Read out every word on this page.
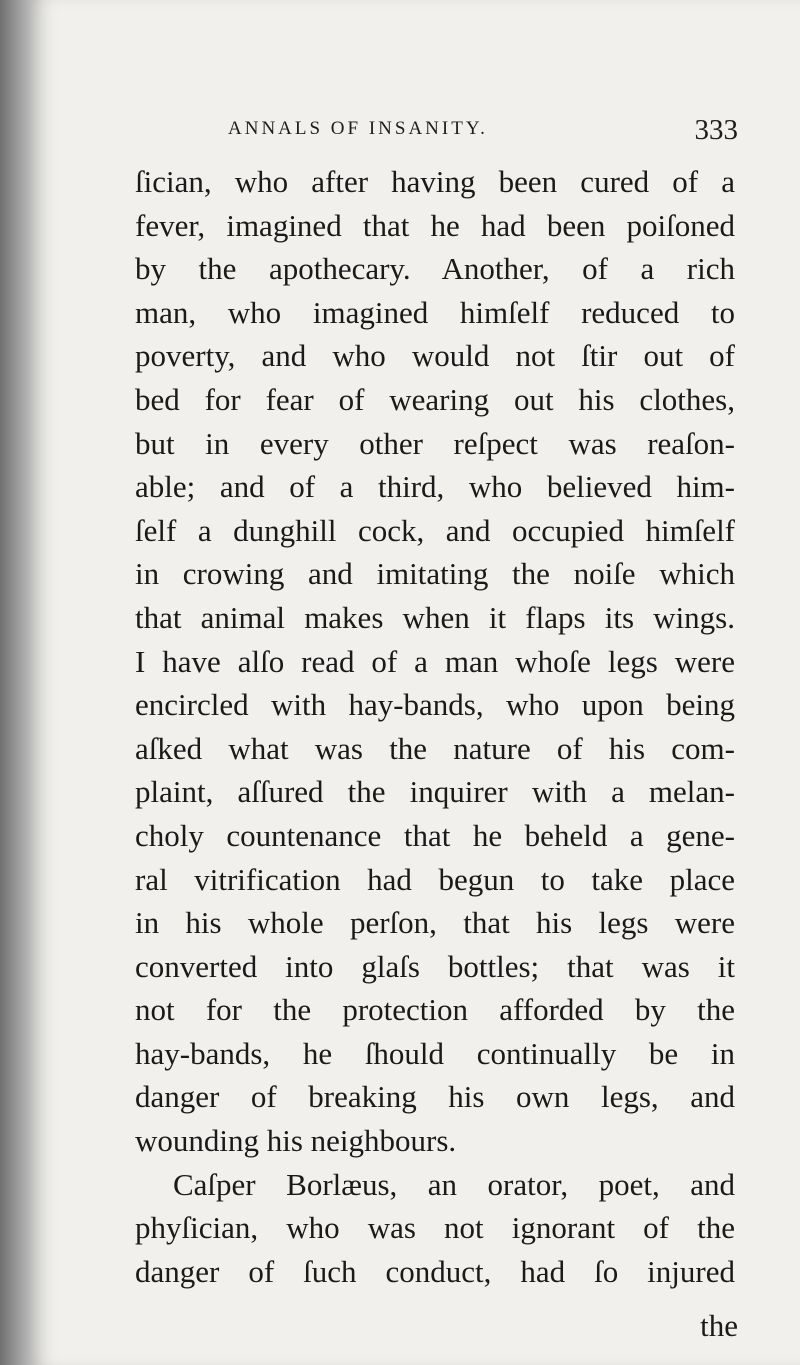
ANNALS OF INSANITY.	333
ſician, who after having been cured of a
fever, imagined that he had been poiſoned
by the apothecary. Another, of a rich
man, who imagined himſelf reduced to
poverty, and who would not ſtir out of
bed for fear of wearing out his clothes,
but in every other reſpect was reaſon-
able; and of a third, who believed him-
ſelf a dunghill cock, and occupied himſelf
in crowing and imitating the noiſe which
that animal makes when it flaps its wings.
I have alſo read of a man whoſe legs were
encircled with hay-bands, who upon being
aſked what was the nature of his com-
plaint, aſſured the inquirer with a melan-
choly countenance that he beheld a gene-
ral vitrification had begun to take place
in his whole perſon, that his legs were
converted into glaſs bottles; that was it
not for the protection afforded by the
hay-bands, he ſhould continually be in
danger of breaking his own legs, and
wounding his neighbours.
Caſper Borlæus, an orator, poet, and
phyſician, who was not ignorant of the
danger of ſuch conduct, had ſo injured
the
